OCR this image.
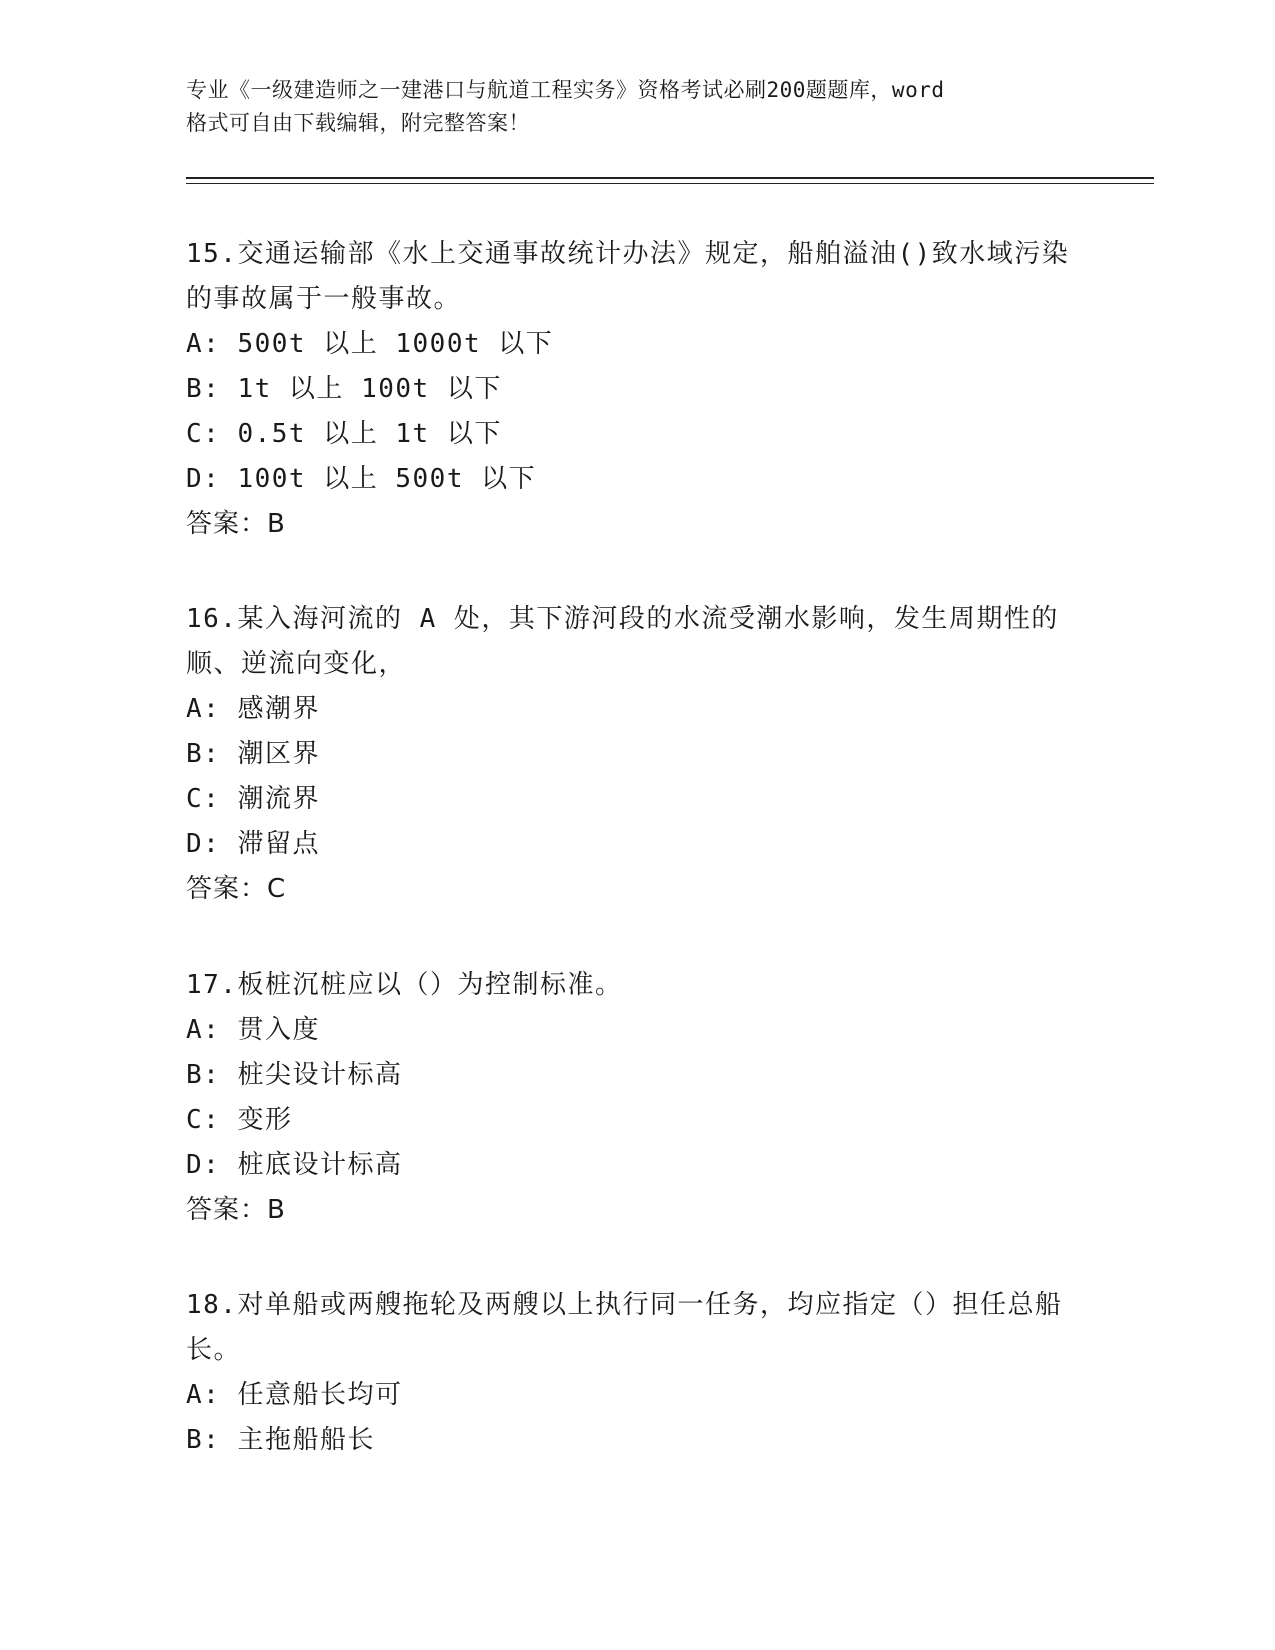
专业《一级建造师之一建港口与航道工程实务》资格考试必刷200题题库，word
格式可自由下载编辑，附完整答案！

15.交通运输部《水上交通事故统计办法》规定，船舶溢油()致水域污染的事故属于一般事故。

A: 500t 以上 1000t 以下

B: 1t 以上 100t 以下

C: 0.5t 以上 1t 以下

D: 100t 以上 500t 以下

答案：B

16.某入海河流的 A 处，其下游河段的水流受潮水影响，发生周期性的顺、逆流向变化，

A: 感潮界

B: 潮区界

C: 潮流界

D: 滞留点

答案：C

17.板桩沉桩应以（）为控制标准。

A: 贯入度

B: 桩尖设计标高

C: 变形

D: 桩底设计标高

答案：B

18.对单船或两艘拖轮及两艘以上执行同一任务，均应指定（）担任总船长。

A: 任意船长均可

B: 主拖船船长
